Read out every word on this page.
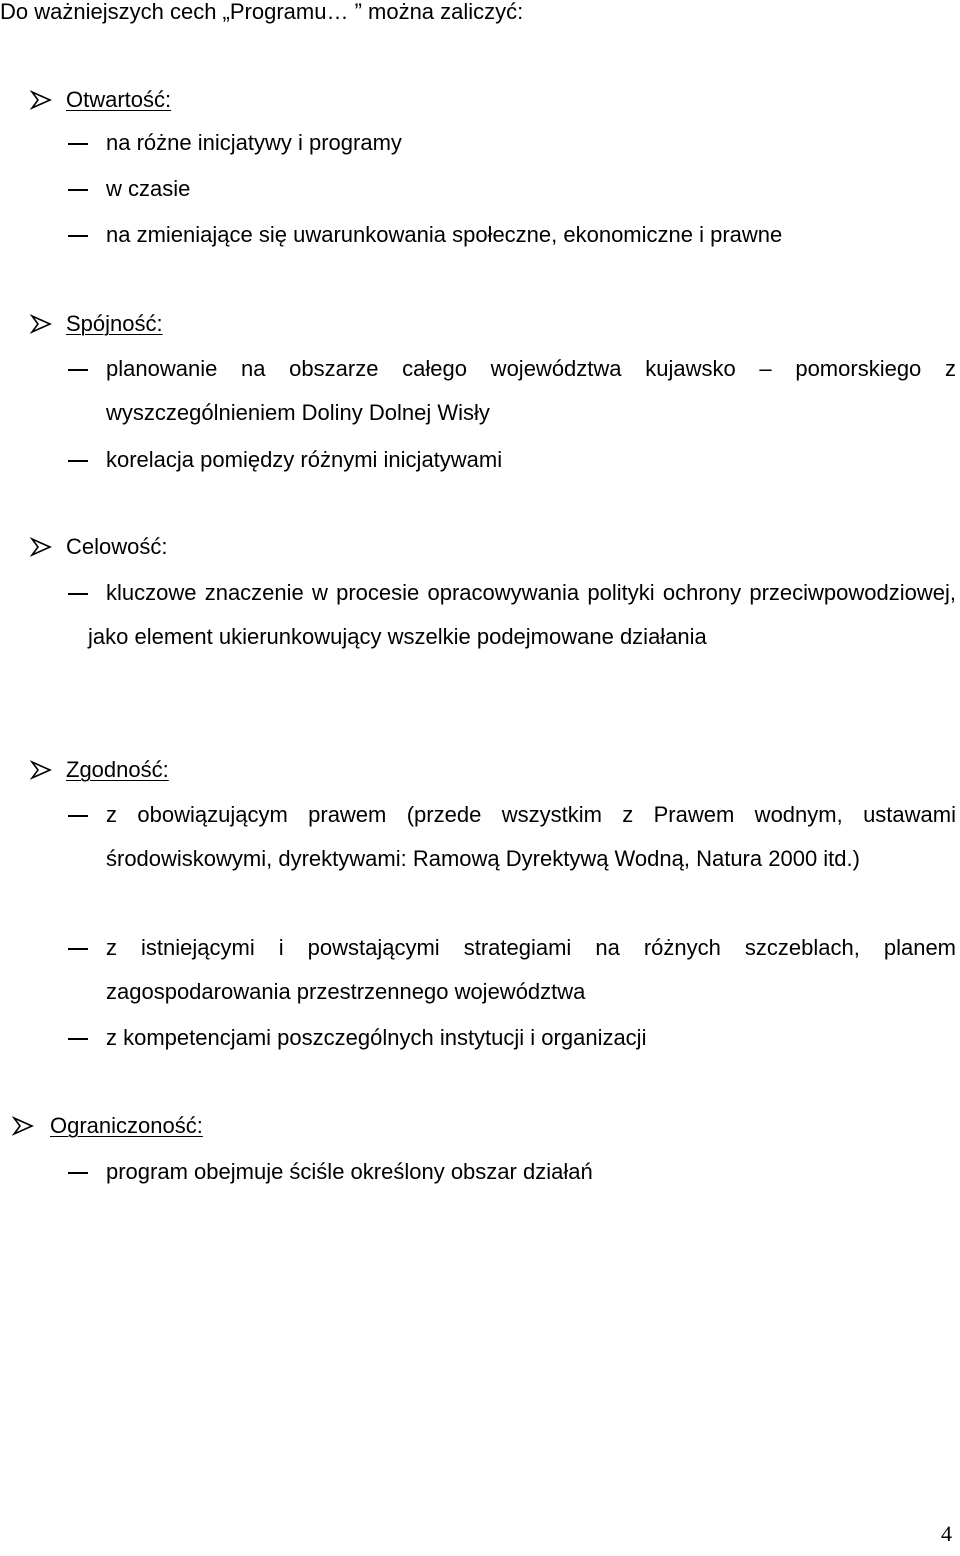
Do ważniejszych cech „Programu… ” można zaliczyć:
Otwartość:
na różne inicjatywy i programy
w czasie
na zmieniające się uwarunkowania społeczne, ekonomiczne i prawne
Spójność:
planowanie na obszarze całego województwa kujawsko – pomorskiego z wyszczególnieniem Doliny Dolnej Wisły
korelacja pomiędzy różnymi inicjatywami
Celowość:
kluczowe znaczenie w procesie opracowywania polityki ochrony przeciwpowodziowej, jako element ukierunkowujący wszelkie podejmowane działania
Zgodność:
z obowiązującym prawem (przede wszystkim z Prawem wodnym, ustawami środowiskowymi, dyrektywami: Ramową Dyrektywą Wodną, Natura 2000 itd.)
z istniejącymi i powstającymi strategiami na różnych szczeblach, planem zagospodarowania przestrzennego województwa
z kompetencjami poszczególnych instytucji i organizacji
Ograniczoność:
program obejmuje ściśle określony obszar działań
4
